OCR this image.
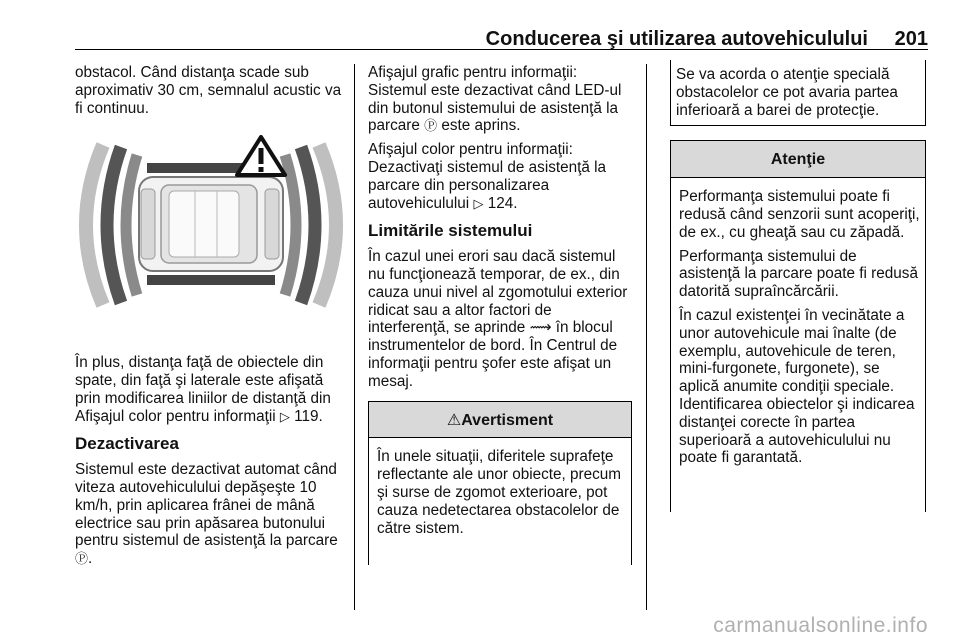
Conducerea şi utilizarea autovehiculului 201

obstacol. Când distanţa scade sub aproximativ 30 cm, semnalul acustic va fi continuu.

În plus, distanţa faţă de obiectele din spate, din faţă şi laterale este afişată prin modificarea liniilor de distanţă din Afişajul color pentru informaţii ▷ 119.

Dezactivarea

Sistemul este dezactivat automat când viteza autovehiculului depăşeşte 10 km/h, prin aplicarea frânei de mână electrice sau prin apăsarea butonului pentru sistemul de asistenţă la parcare Ⓟ.

Afişajul grafic pentru informaţii: Sistemul este dezactivat când LED-ul din butonul sistemului de asistenţă la parcare Ⓟ este aprins.

Afişajul color pentru informaţii: Dezactivaţi sistemul de asistenţă la parcare din personalizarea autovehiculului ▷ 124.

Limitările sistemului

În cazul unei erori sau dacă sistemul nu funcţionează temporar, de ex., din cauza unui nivel al zgomotului exterior ridicat sau a altor factori de interferenţă, se aprinde ⟿ în blocul instrumentelor de bord. În Centrul de informaţii pentru şofer este afişat un mesaj.

⚠Avertisment
În unele situaţii, diferitele suprafeţe reflectante ale unor obiecte, precum şi surse de zgomot exterioare, pot cauza nedetectarea obstacolelor de către sistem.
Se va acorda o atenţie specială obstacolelor ce pot avaria partea inferioară a barei de protecţie.
Atenţie

Performanţa sistemului poate fi redusă când senzorii sunt acoperiţi, de ex., cu gheaţă sau cu zăpadă.

Performanţa sistemului de asistenţă la parcare poate fi redusă datorită supraîncărcării.

În cazul existenţei în vecinătate a unor autovehicule mai înalte (de exemplu, autovehicule de teren, mini-furgonete, furgonete), se aplică anumite condiţii speciale. Identificarea obiectelor şi indicarea distanţei corecte în partea superioară a autovehiculului nu poate fi garantată.

carmanualsonline.info
